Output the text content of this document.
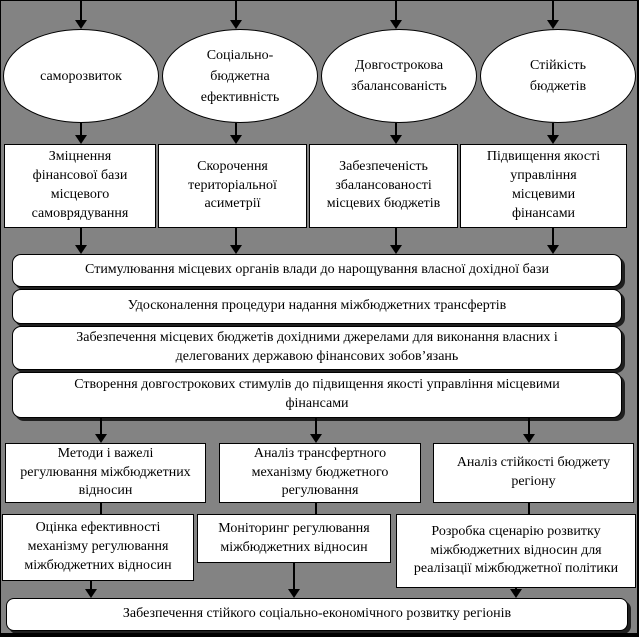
саморозвиток
Соціально-бюджетна ефективність
Довгострокова збалансованість
Стійкість бюджетів
Зміцнення фінансової бази місцевого самоврядування
Скорочення територіальної асиметрії
Забезпеченість збалансованості місцевих бюджетів
Підвищення якості управління місцевими фінансами
Стимулювання місцевих органів влади до нарощування власної дохідної бази
Удосконалення процедури надання міжбюджетних трансфертів
Забезпечення місцевих бюджетів дохідними джерелами для виконання власних і делегованих державою фінансових зобов’язань
Створення довгострокових стимулів до підвищення якості управління місцевими фінансами
Методи і важелі регулювання міжбюджетних відносин
Аналіз трансфертного механізму бюджетного регулювання
Аналіз стійкості бюджету регіону
Оцінка ефективності механізму регулювання міжбюджетних відносин
Моніторинг регулювання міжбюджетних відносин
Розробка сценарію розвитку міжбюджетних відносин для реалізації міжбюджетної політики
Забезпечення стійкого соціально-економічного розвитку регіонів
